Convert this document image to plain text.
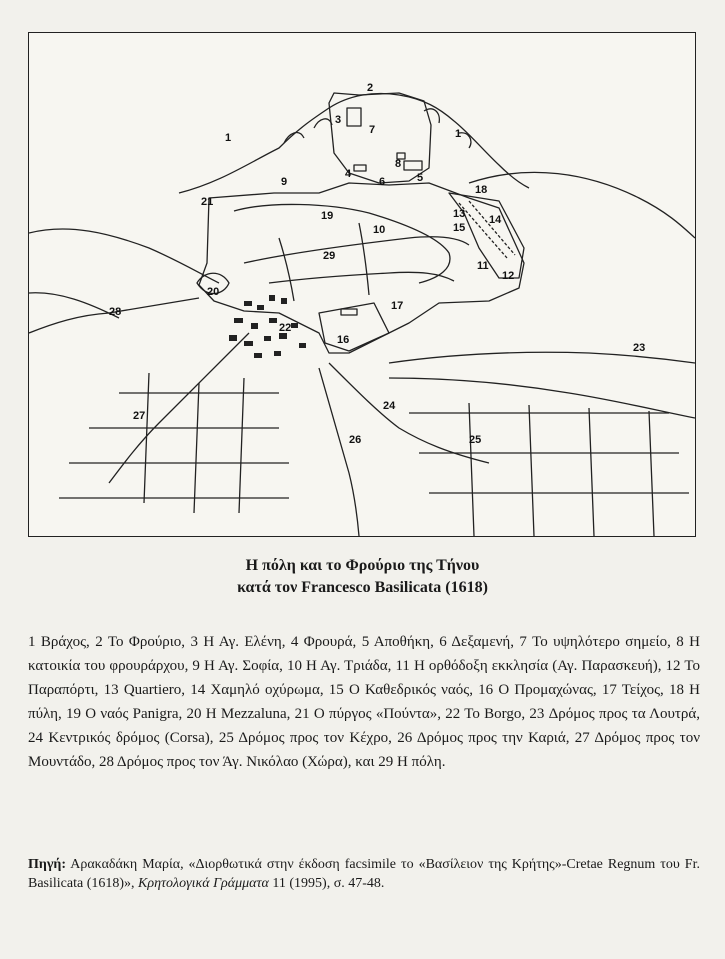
1	1
2
3
4	5
6
7
8
9
10
11
12
13 14
15
16
17
18
19
29
20
21
22
23
24
25
26
27
28
Η πόλη και το Φρούριο της Τήνου
κατά τον Francesco Basilicata (1618)
1 Βράχος, 2 Το Φρούριο, 3 Η Αγ. Ελένη, 4 Φρουρά, 5 Αποθήκη, 6 Δεξαμενή, 7 Το υψηλότερο σημείο, 8 Η κατοικία του φρουράρχου, 9 Η Αγ. Σοφία, 10 Η Αγ. Τριάδα, 11 Η ορθόδοξη εκκλησία (Αγ. Παρασκευή), 12 Το Παραπόρτι, 13 Quartiero, 14 Χαμηλό οχύρωμα, 15 Ο Καθεδρικός ναός, 16 Ο Προμαχώνας, 17 Τείχος, 18 Η πύλη, 19 Ο ναός Panigra, 20 Η Mezzaluna, 21 Ο πύργος «Πούντα», 22 Το Borgo, 23 Δρόμος προς τα Λουτρά, 24 Κεντρικός δρόμος (Corsa), 25 Δρόμος προς τον Κέχρο, 26 Δρόμος προς την Καριά, 27 Δρόμος προς τον Μουντάδο, 28 Δρόμος προς τον Άγ. Νικόλαο (Χώρα), και 29 Η πόλη.
Πηγή: Αρακαδάκη Μαρία, «Διορθωτικά στην έκδοση facsimile το «Βασίλειον της Κρήτης»-Cretae Regnum του Fr. Basilicata (1618)», Κρητολογικά Γράμματα 11 (1995), σ. 47-48.
